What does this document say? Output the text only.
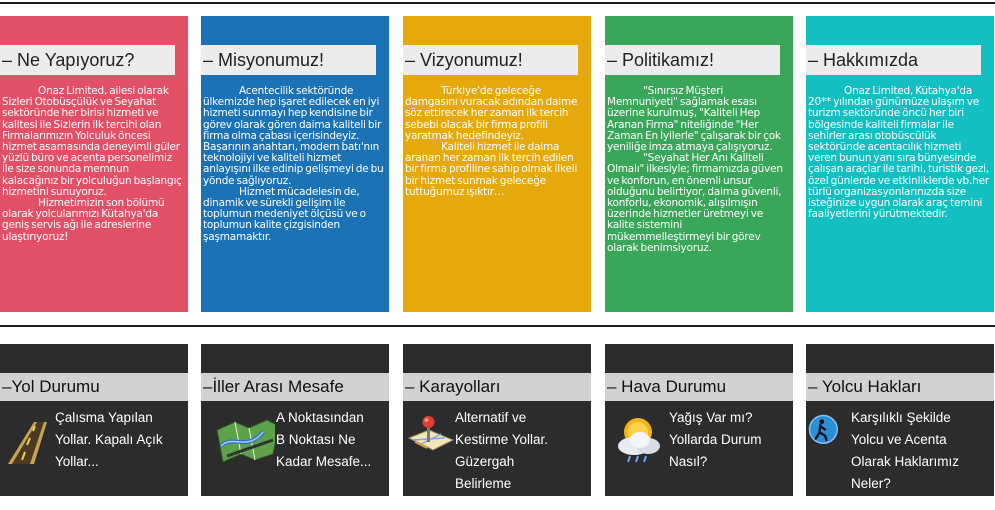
– Ne Yapıyoruz?

Onaz Limited, ailesi olarak Sizleri Otobüsçülük ve Seyahat sektöründe her birisi hizmeti ve kalitesi ile Sizlerin ilk tercihi olan Firmalarımızın Yolculuk öncesi hizmet asamasında deneyimli güler yüzlü büro ve acenta personelimiz ile size sonunda memnun kalacağınız bir yolculuğun başlangıç hizmetini sunuyoruz.

Hizmetimizin son bölümü olarak yolcularımızı Kütahya'da geniş servis ağı ile adreslerine ulaştırıyoruz!

– Misyonumuz!

Acentecilik sektöründe ülkemizde hep işaret edilecek en iyi hizmeti sunmayı hep kendisine bir görev olarak gören daima kaliteli bir firma olma çabası içerisindeyiz. Başarının anahtarı, modern batı'nın teknolojiyi ve kaliteli hizmet anlayışını ilke edinip gelişmeyi de bu yönde sağlıyoruz.

Hizmet mücadelesin de, dinamik ve sürekli gelişim ile toplumun medeniyet ölçüsü ve o toplumun kalite çizgisinden şaşmamaktır.

– Vizyonumuz!

Türkiye'de geleceğe damgasını vuracak adından daime söz ettirecek her zaman ilk tercih sebebi olacak bir firma profili yaratmak hedefindeyiz.

Kaliteli hizmet ile daima aranan her zaman ilk tercih edilen bir firma profiline sahip olmak ilkeli bir hizmet sunmak geleceğe tuttuğumuz ışıktır…

– Politikamız!

"Sınırsız Müşteri Memnuniyeti" sağlamak esası üzerine kurulmuş, "Kaliteli Hep Aranan Firma" niteliğinde "Her Zaman En İyilerle" çalışarak bir çok yeniliğe imza atmaya çalışıyoruz.

"Seyahat Her Anı Kaliteli Olmalı" ilkesiyle; firmamızda güven ve konforun, en önemli unsur olduğunu belirtiyor, daima güvenli, konforlu, ekonomik, alışılmışın üzerinde hizmetler üretmeyi ve kalite sistemini mükemmelleştirmeyi bir görev olarak benimsiyoruz.

– Hakkımızda

Onaz Limited, Kütahya'da 20** yılından günümüze ulaşım ve turizm sektöründe öncü her biri bölgesinde kaliteli firmalar ile sehirler arası otobüscülük sektöründe acentacılık hizmeti veren bunun yanı sıra bünyesinde çalışan araçlar ile tarihi, turistik gezi, özel günlerde ve etkinliklerde vb.her türlü organizasyonlarınızda size isteğinize uygun olarak araç temini faaliyetlerini yürütmektedir.

–Yol Durumu
Çalısma Yapılan
Yollar. Kapalı Açık
Yollar...
–İller Arası Mesafe
A Noktasından
B Noktası Ne
Kadar Mesafe...
– Karayolları
Alternatif ve
Kestirme Yollar.
Güzergah
Belirleme
– Hava Durumu
Yağış Var mı?
Yollarda Durum
Nasıl?
– Yolcu Hakları
Karşılıklı Şekilde
Yolcu ve Acenta
Olarak Haklarımız
Neler?
